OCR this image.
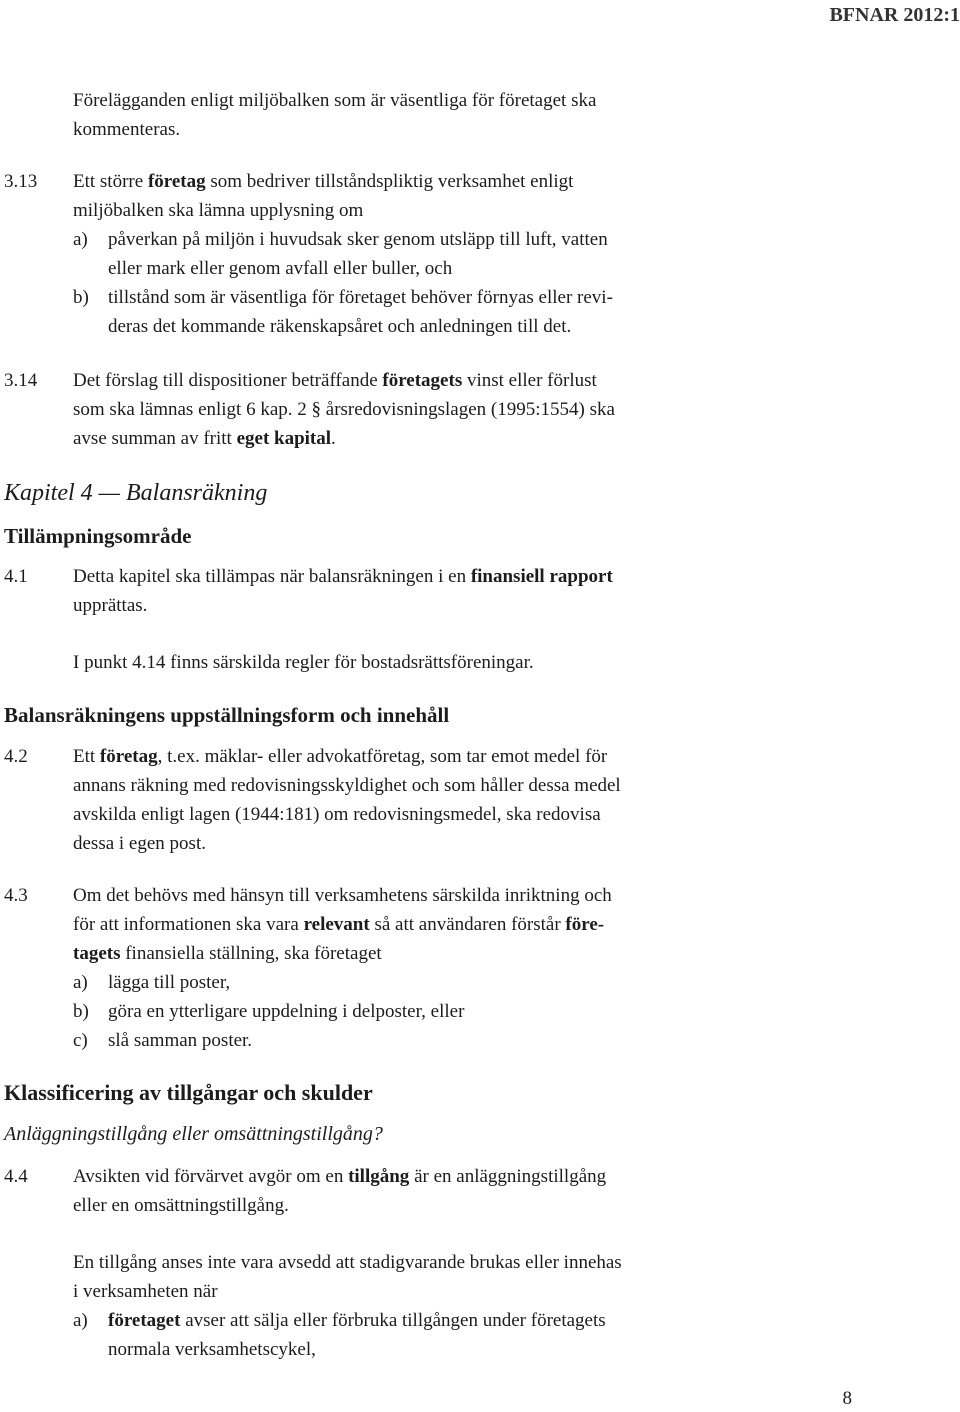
BFNAR 2012:1
Förelägganden enligt miljöbalken som är väsentliga för företaget ska
kommenteras.
3.13 Ett större företag som bedriver tillståndspliktig verksamhet enligt
miljöbalken ska lämna upplysning om
a) påverkan på miljön i huvudsak sker genom utsläpp till luft, vatten
eller mark eller genom avfall eller buller, och
b) tillstånd som är väsentliga för företaget behöver förnyas eller revi-
deras det kommande räkenskapsåret och anledningen till det.
3.14 Det förslag till dispositioner beträffande företagets vinst eller förlust
som ska lämnas enligt 6 kap. 2 § årsredovisningslagen (1995:1554) ska
avse summan av fritt eget kapital.
Kapitel 4 — Balansräkning
Tillämpningsområde
4.1 Detta kapitel ska tillämpas när balansräkningen i en finansiell rapport
upprättas.
I punkt 4.14 finns särskilda regler för bostadsrättsföreningar.
Balansräkningens uppställningsform och innehåll
4.2 Ett företag, t.ex. mäklar- eller advokatföretag, som tar emot medel för
annans räkning med redovisningsskyldighet och som håller dessa medel
avskilda enligt lagen (1944:181) om redovisningsmedel, ska redovisa
dessa i egen post.
4.3 Om det behövs med hänsyn till verksamhetens särskilda inriktning och
för att informationen ska vara relevant så att användaren förstår före-
tagets finansiella ställning, ska företaget
a) lägga till poster,
b) göra en ytterligare uppdelning i delposter, eller
c) slå samman poster.
Klassificering av tillgångar och skulder
Anläggningstillgång eller omsättningstillgång?
4.4 Avsikten vid förvärvet avgör om en tillgång är en anläggningstillgång
eller en omsättningstillgång.
En tillgång anses inte vara avsedd att stadigvarande brukas eller innehas
i verksamheten när
a) företaget avser att sälja eller förbruka tillgången under företagets
normala verksamhetscykel,
8
